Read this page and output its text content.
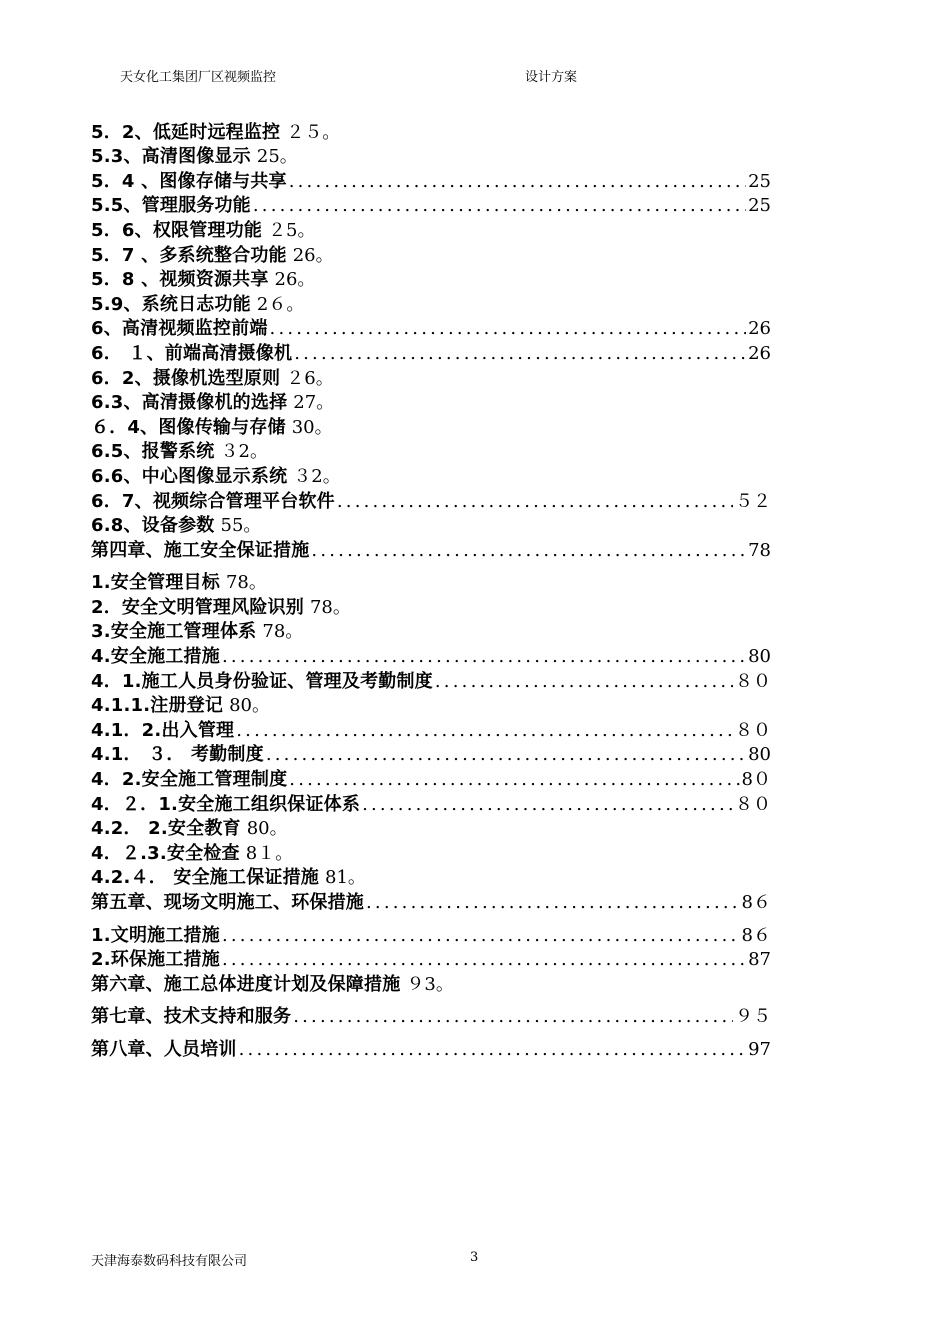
天女化工集团厂区视频监控	设计方案
5．2、低延时远程监控 ２５｡
5.3、高清图像显示 25｡
5．4 、图像存储与共享 .....	25
5.5、管理服务功能 .....	25
5．6、权限管理功能 ２5｡
5．7 、多系统整合功能 26｡
5．8 、视频资源共享 26｡
5.9、系统日志功能 2６｡
6、高清视频监控前端 .....	26
6． １、前端高清摄像机 .....	26
6．2、摄像机选型原则 ２6｡
6.3、高清摄像机的选择 27｡
６．4、图像传输与存储 30｡
6.5、报警系统 ３2｡
6.6、中心图像显示系统 ３2｡
6．7、视频综合管理平台软件 .....	５２
6.8、设备参数 55｡
第四章、施工安全保证措施 .....	78
1.安全管理目标 78｡
2．安全文明管理风险识别 78｡
3.安全施工管理体系 78｡
4.安全施工措施 .....	80
4．1.施工人员身份验证、管理及考勤制度 .....	８０
4.1.1.注册登记 80｡
4.1．2.出入管理 .....	８０
4.1． ３． 考勤制度 .....	80
4．2.安全施工管理制度 .....	8０
4．２．1.安全施工组织保证体系 .....	８０
4.2． 2.安全教育 80｡
4．２.3.安全检查 8１｡
4.2.４． 安全施工保证措施 81｡
第五章、现场文明施工、环保措施 .....	8６
1.文明施工措施 .....	8６
2.环保施工措施 .....	87
第六章、施工总体进度计划及保障措施 ９3｡
第七章、技术支持和服务 .....	９５
第八章、人员培训 .....	97
天津海泰数码科技有限公司	3
